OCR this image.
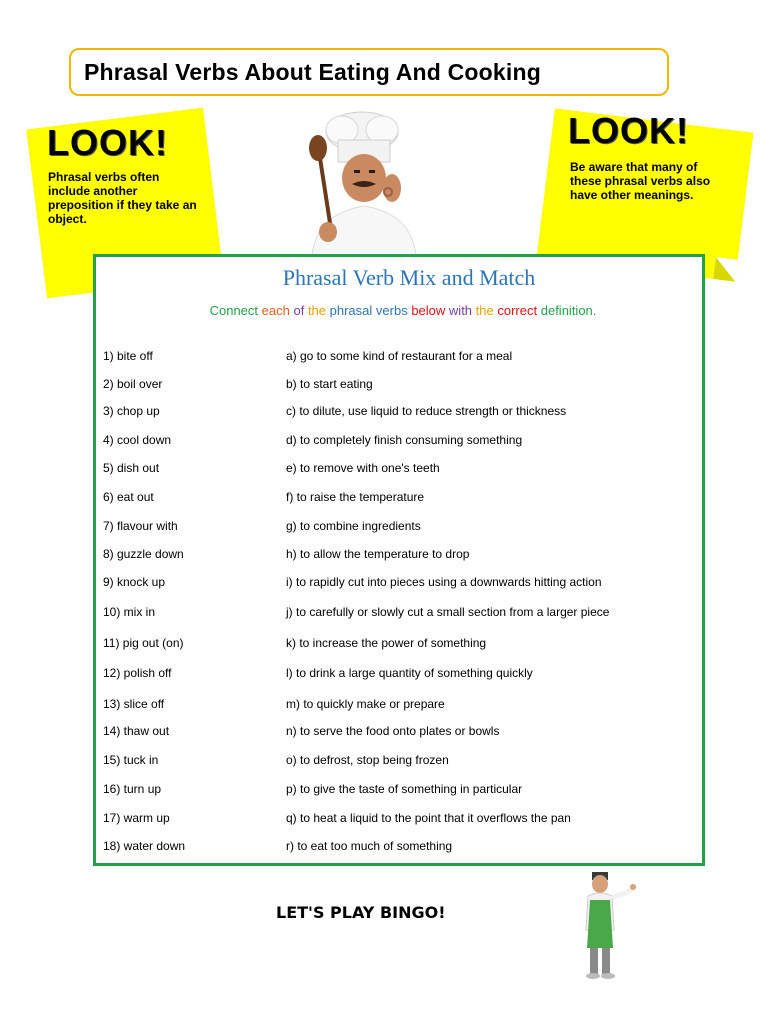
Phrasal Verbs About Eating And Cooking
LOOK!
Phrasal verbs often include another preposition if they take an object.
LOOK!
Be aware that many of these phrasal verbs also have other meanings.
Phrasal Verb Mix and Match
Connect each of the phrasal verbs below with the correct definition.
1) bite off	a) go to some kind of restaurant for a meal
2) boil over	b) to start eating
3) chop up	c) to dilute, use liquid to reduce strength or thickness
4) cool down	d) to completely finish consuming something
5) dish out	e) to remove with one's teeth
6) eat out	f) to raise the temperature
7) flavour with	g) to combine ingredients
8) guzzle down	h) to allow the temperature to drop
9) knock up	i) to rapidly cut into pieces using a downwards hitting action
10) mix in	j) to carefully or slowly cut a small section from a larger piece
11) pig out (on)	k) to increase the power of something
12) polish off	l) to drink a large quantity of something quickly
13) slice off	m) to quickly make or prepare
14) thaw out	n) to serve the food onto plates or bowls
15) tuck in	o) to defrost, stop being frozen
16) turn up	p) to give the taste of something in particular
17) warm up	q) to heat a liquid to the point that it overflows the pan
18) water down	r) to eat too much of something
LET'S PLAY BINGO!
